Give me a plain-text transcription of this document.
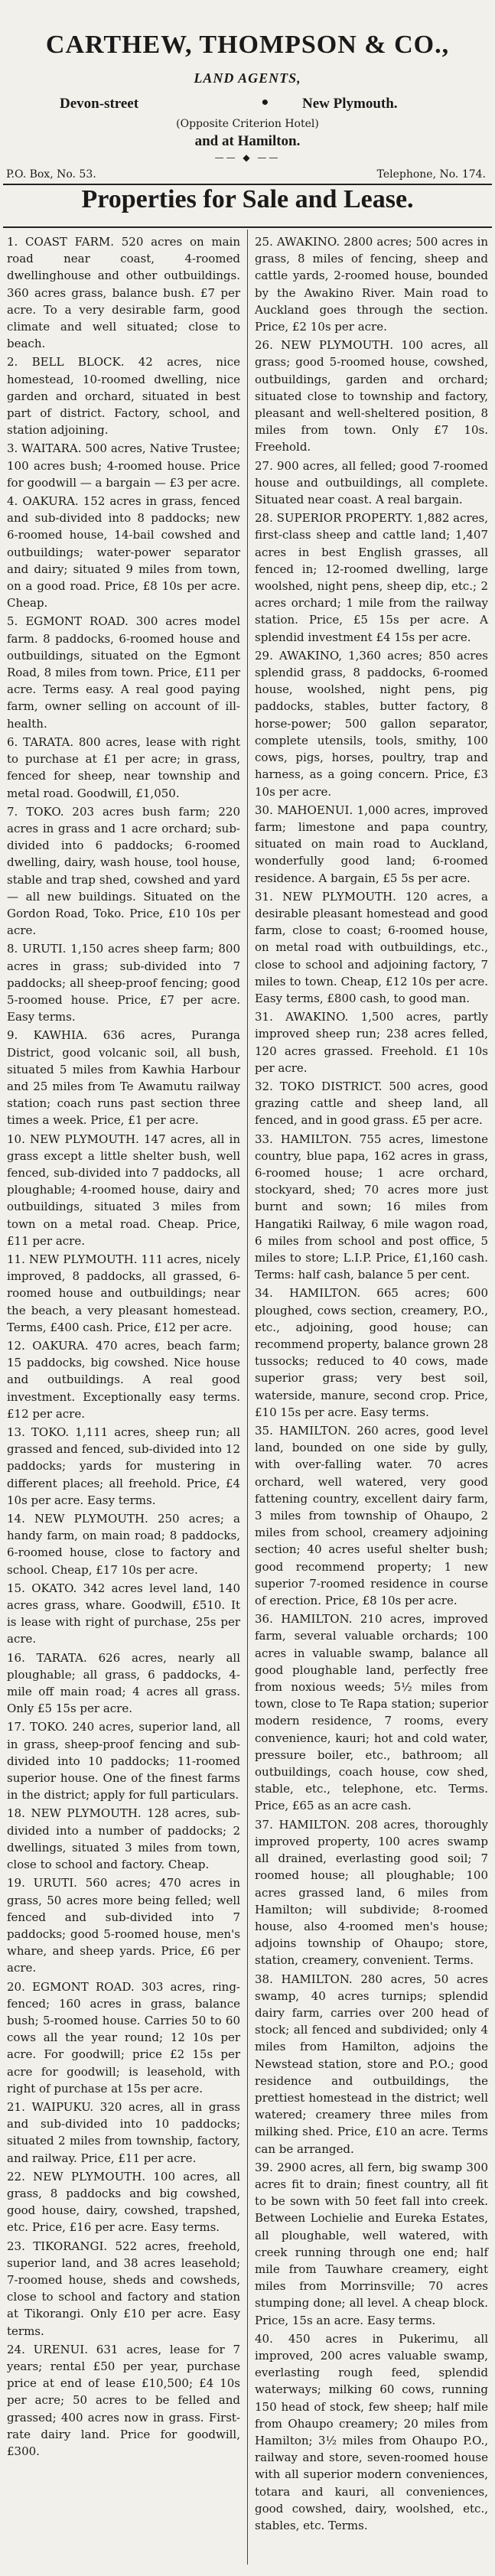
CARTHEW, THOMPSON & CO.,

LAND AGENTS,

Devon-street	• New Plymouth.

(Opposite Criterion Hotel)

and at Hamilton.

—— ◆ ——
P.O. Box, No. 53.	Telephone, No. 174.
Properties for Sale and Lease.

1. COAST FARM. 520 acres on main road near coast, 4-roomed dwellinghouse and other outbuildings. 360 acres grass, balance bush. £7 per acre. To a very desirable farm, good climate and well situated; close to beach.

2. BELL BLOCK. 42 acres, nice homestead, 10-roomed dwelling, nice garden and orchard, situated in best part of district. Factory, school, and station adjoining.

3. WAITARA. 500 acres, Native Trustee; 100 acres bush; 4-roomed house. Price for goodwill — a bargain — £3 per acre.

4. OAKURA. 152 acres in grass, fenced and sub-divided into 8 paddocks; new 6-roomed house, 14-bail cowshed and outbuildings; water-power separator and dairy; situated 9 miles from town, on a good road. Price, £8 10s per acre. Cheap.

5. EGMONT ROAD. 300 acres model farm. 8 paddocks, 6-roomed house and outbuildings, situated on the Egmont Road, 8 miles from town. Price, £11 per acre. Terms easy. A real good paying farm, owner selling on account of ill-health.

6. TARATA. 800 acres, lease with right to purchase at £1 per acre; in grass, fenced for sheep, near township and metal road. Goodwill, £1,050.

7. TOKO. 203 acres bush farm; 220 acres in grass and 1 acre orchard; sub-divided into 6 paddocks; 6-roomed dwelling, dairy, wash house, tool house, stable and trap shed, cowshed and yard — all new buildings. Situated on the Gordon Road, Toko. Price, £10 10s per acre.

8. URUTI. 1,150 acres sheep farm; 800 acres in grass; sub-divided into 7 paddocks; all sheep-proof fencing; good 5-roomed house. Price, £7 per acre. Easy terms.

9. KAWHIA. 636 acres, Puranga District, good volcanic soil, all bush, situated 5 miles from Kawhia Harbour and 25 miles from Te Awamutu railway station; coach runs past section three times a week. Price, £1 per acre.

10. NEW PLYMOUTH. 147 acres, all in grass except a little shelter bush, well fenced, sub-divided into 7 paddocks, all ploughable; 4-roomed house, dairy and outbuildings, situated 3 miles from town on a metal road. Cheap. Price, £11 per acre.

11. NEW PLYMOUTH. 111 acres, nicely improved, 8 paddocks, all grassed, 6-roomed house and outbuildings; near the beach, a very pleasant homestead. Terms, £400 cash. Price, £12 per acre.

12. OAKURA. 470 acres, beach farm; 15 paddocks, big cowshed. Nice house and outbuildings. A real good investment. Exceptionally easy terms. £12 per acre.

13. TOKO. 1,111 acres, sheep run; all grassed and fenced, sub-divided into 12 paddocks; yards for mustering in different places; all freehold. Price, £4 10s per acre. Easy terms.

14. NEW PLYMOUTH. 250 acres; a handy farm, on main road; 8 paddocks, 6-roomed house, close to factory and school. Cheap, £17 10s per acre.

15. OKATO. 342 acres level land, 140 acres grass, whare. Goodwill, £510. It is lease with right of purchase, 25s per acre.

16. TARATA. 626 acres, nearly all ploughable; all grass, 6 paddocks, 4-mile off main road; 4 acres all grass. Only £5 15s per acre.

17. TOKO. 240 acres, superior land, all in grass, sheep-proof fencing and sub-divided into 10 paddocks; 11-roomed superior house. One of the finest farms in the district; apply for full particulars.

18. NEW PLYMOUTH. 128 acres, sub-divided into a number of paddocks; 2 dwellings, situated 3 miles from town, close to school and factory. Cheap.

19. URUTI. 560 acres; 470 acres in grass, 50 acres more being felled; well fenced and sub-divided into 7 paddocks; good 5-roomed house, men's whare, and sheep yards. Price, £6 per acre.

20. EGMONT ROAD. 303 acres, ring-fenced; 160 acres in grass, balance bush; 5-roomed house. Carries 50 to 60 cows all the year round; 12 10s per acre. For goodwill; price £2 15s per acre for goodwill; is leasehold, with right of purchase at 15s per acre.

21. WAIPUKU. 320 acres, all in grass and sub-divided into 10 paddocks; situated 2 miles from township, factory, and railway. Price, £11 per acre.

22. NEW PLYMOUTH. 100 acres, all grass, 8 paddocks and big cowshed, good house, dairy, cowshed, trapshed, etc. Price, £16 per acre. Easy terms.

23. TIKORANGI. 522 acres, freehold, superior land, and 38 acres leasehold; 7-roomed house, sheds and cowsheds, close to school and factory and station at Tikorangi. Only £10 per acre. Easy terms.

24. URENUI. 631 acres, lease for 7 years; rental £50 per year, purchase price at end of lease £10,500; £4 10s per acre; 50 acres to be felled and grassed; 400 acres now in grass. First-rate dairy land. Price for goodwill, £300.

25. AWAKINO. 2800 acres; 500 acres in grass, 8 miles of fencing, sheep and cattle yards, 2-roomed house, bounded by the Awakino River. Main road to Auckland goes through the section. Price, £2 10s per acre.

26. NEW PLYMOUTH. 100 acres, all grass; good 5-roomed house, cowshed, outbuildings, garden and orchard; situated close to township and factory, pleasant and well-sheltered position, 8 miles from town. Only £7 10s. Freehold.

27. 900 acres, all felled; good 7-roomed house and outbuildings, all complete. Situated near coast. A real bargain.

28. SUPERIOR PROPERTY. 1,882 acres, first-class sheep and cattle land; 1,407 acres in best English grasses, all fenced in; 12-roomed dwelling, large woolshed, night pens, sheep dip, etc.; 2 acres orchard; 1 mile from the railway station. Price, £5 15s per acre. A splendid investment £4 15s per acre.

29. AWAKINO, 1,360 acres; 850 acres splendid grass, 8 paddocks, 6-roomed house, woolshed, night pens, pig paddocks, stables, butter factory, 8 horse-power; 500 gallon separator, complete utensils, tools, smithy, 100 cows, pigs, horses, poultry, trap and harness, as a going concern. Price, £3 10s per acre.

30. MAHOENUI. 1,000 acres, improved farm; limestone and papa country, situated on main road to Auckland, wonderfully good land; 6-roomed residence. A bargain, £5 5s per acre.

31. NEW PLYMOUTH. 120 acres, a desirable pleasant homestead and good farm, close to coast; 6-roomed house, on metal road with outbuildings, etc., close to school and adjoining factory, 7 miles to town. Cheap, £12 10s per acre. Easy terms, £800 cash, to good man.

31. AWAKINO. 1,500 acres, partly improved sheep run; 238 acres felled, 120 acres grassed. Freehold. £1 10s per acre.

32. TOKO DISTRICT. 500 acres, good grazing cattle and sheep land, all fenced, and in good grass. £5 per acre.

33. HAMILTON. 755 acres, limestone country, blue papa, 162 acres in grass, 6-roomed house; 1 acre orchard, stockyard, shed; 70 acres more just burnt and sown; 16 miles from Hangatiki Railway, 6 mile wagon road, 6 miles from school and post office, 5 miles to store; L.I.P. Price, £1,160 cash. Terms: half cash, balance 5 per cent.

34. HAMILTON. 665 acres; 600 ploughed, cows section, creamery, P.O., etc., adjoining, good house; can recommend property, balance grown 28 tussocks; reduced to 40 cows, made superior grass; very best soil, waterside, manure, second crop. Price, £10 15s per acre. Easy terms.

35. HAMILTON. 260 acres, good level land, bounded on one side by gully, with over-falling water. 70 acres orchard, well watered, very good fattening country, excellent dairy farm, 3 miles from township of Ohaupo, 2 miles from school, creamery adjoining section; 40 acres useful shelter bush; good recommend property; 1 new superior 7-roomed residence in course of erection. Price, £8 10s per acre.

36. HAMILTON. 210 acres, improved farm, several valuable orchards; 100 acres in valuable swamp, balance all good ploughable land, perfectly free from noxious weeds; 5½ miles from town, close to Te Rapa station; superior modern residence, 7 rooms, every convenience, kauri; hot and cold water, pressure boiler, etc., bathroom; all outbuildings, coach house, cow shed, stable, etc., telephone, etc. Terms. Price, £65 as an acre cash.

37. HAMILTON. 208 acres, thoroughly improved property, 100 acres swamp all drained, everlasting good soil; 7 roomed house; all ploughable; 100 acres grassed land, 6 miles from Hamilton; will subdivide; 8-roomed house, also 4-roomed men's house; adjoins township of Ohaupo; store, station, creamery, convenient. Terms.

38. HAMILTON. 280 acres, 50 acres swamp, 40 acres turnips; splendid dairy farm, carries over 200 head of stock; all fenced and subdivided; only 4 miles from Hamilton, adjoins the Newstead station, store and P.O.; good residence and outbuildings, the prettiest homestead in the district; well watered; creamery three miles from milking shed. Price, £10 an acre. Terms can be arranged.

39. 2900 acres, all fern, big swamp 300 acres fit to drain; finest country, all fit to be sown with 50 feet fall into creek. Between Lochielie and Eureka Estates, all ploughable, well watered, with creek running through one end; half mile from Tauwhare creamery, eight miles from Morrinsville; 70 acres stumping done; all level. A cheap block. Price, 15s an acre. Easy terms.

40. 450 acres in Pukerimu, all improved, 200 acres valuable swamp, everlasting rough feed, splendid waterways; milking 60 cows, running 150 head of stock, few sheep; half mile from Ohaupo creamery; 20 miles from Hamilton; 3½ miles from Ohaupo P.O., railway and store, seven-roomed house with all superior modern conveniences, totara and kauri, all conveniences, good cowshed, dairy, woolshed, etc., stables, etc. Terms.
